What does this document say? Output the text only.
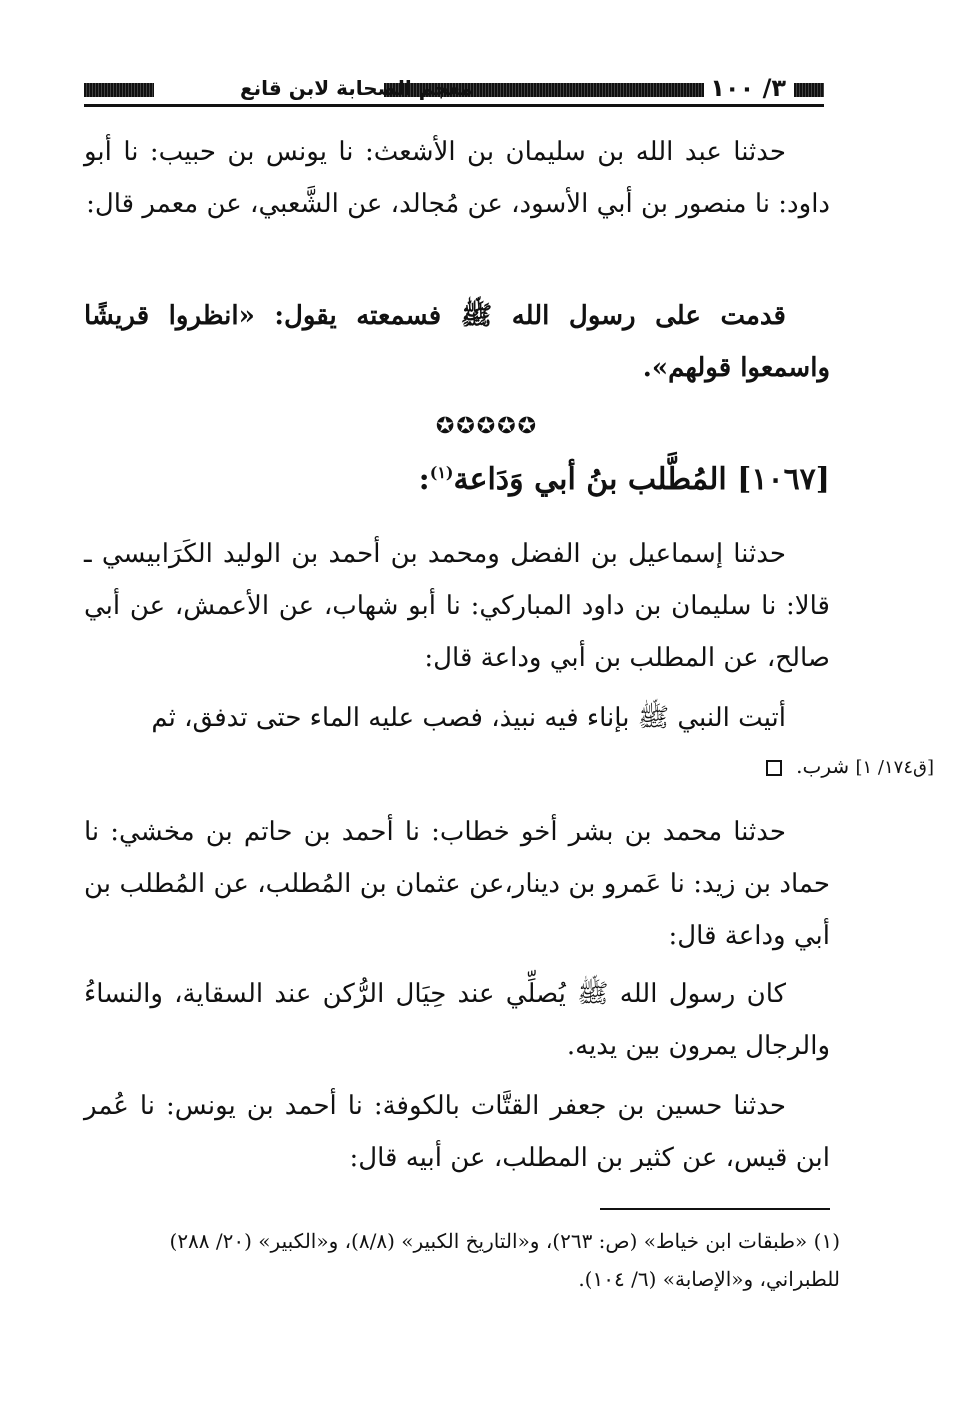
٣/ ١٠٠
معجم الصحابة لابن قانع

حدثنا عبد الله بن سليمان بن الأشعث: نا يونس بن حبيب: نا أبو داود: نا منصور بن أبي الأسود، عن مُجالد، عن الشَّعبي، عن معمر قال:

قدمت على رسول الله ﷺ فسمعته يقول: «انظروا قريشًا واسمعوا قولهم».

✪✪✪✪✪
[١٠٦٧] المُطَّلب بنُ أبي وَدَاعة$^{(١)}$:

حدثنا إسماعيل بن الفضل ومحمد بن أحمد بن الوليد الكَرَابيسي ـ قالا: نا سليمان بن داود المباركي: نا أبو شهاب، عن الأعمش، عن أبي صالح، عن المطلب بن أبي وداعة قال:

أتيت النبي ﷺ بإناء فيه نبيذ، فصب عليه الماء حتى تدفق، ثم

[ق١٧٤/ ١] شرب.

حدثنا محمد بن بشر أخو خطاب: نا أحمد بن حاتم بن مخشي: نا حماد بن زيد: نا عَمرو بن دينار،عن عثمان بن المُطلب، عن المُطلب بن أبي وداعة قال:

كان رسول الله ﷺ يُصلِّي عند حِيَال الرُّكن عند السقاية، والنساءُ والرجال يمرون بين يديه.

حدثنا حسين بن جعفر القتَّات بالكوفة: نا أحمد بن يونس: نا عُمر ابن قيس، عن كثير بن المطلب، عن أبيه قال:

(١) «طبقات ابن خياط» (ص: ٢٦٣)، و«التاريخ الكبير» (٨/٨)، و«الكبير» (٢٠/ ٢٨٨) للطبراني، و«الإصابة» (٦/ ١٠٤).
